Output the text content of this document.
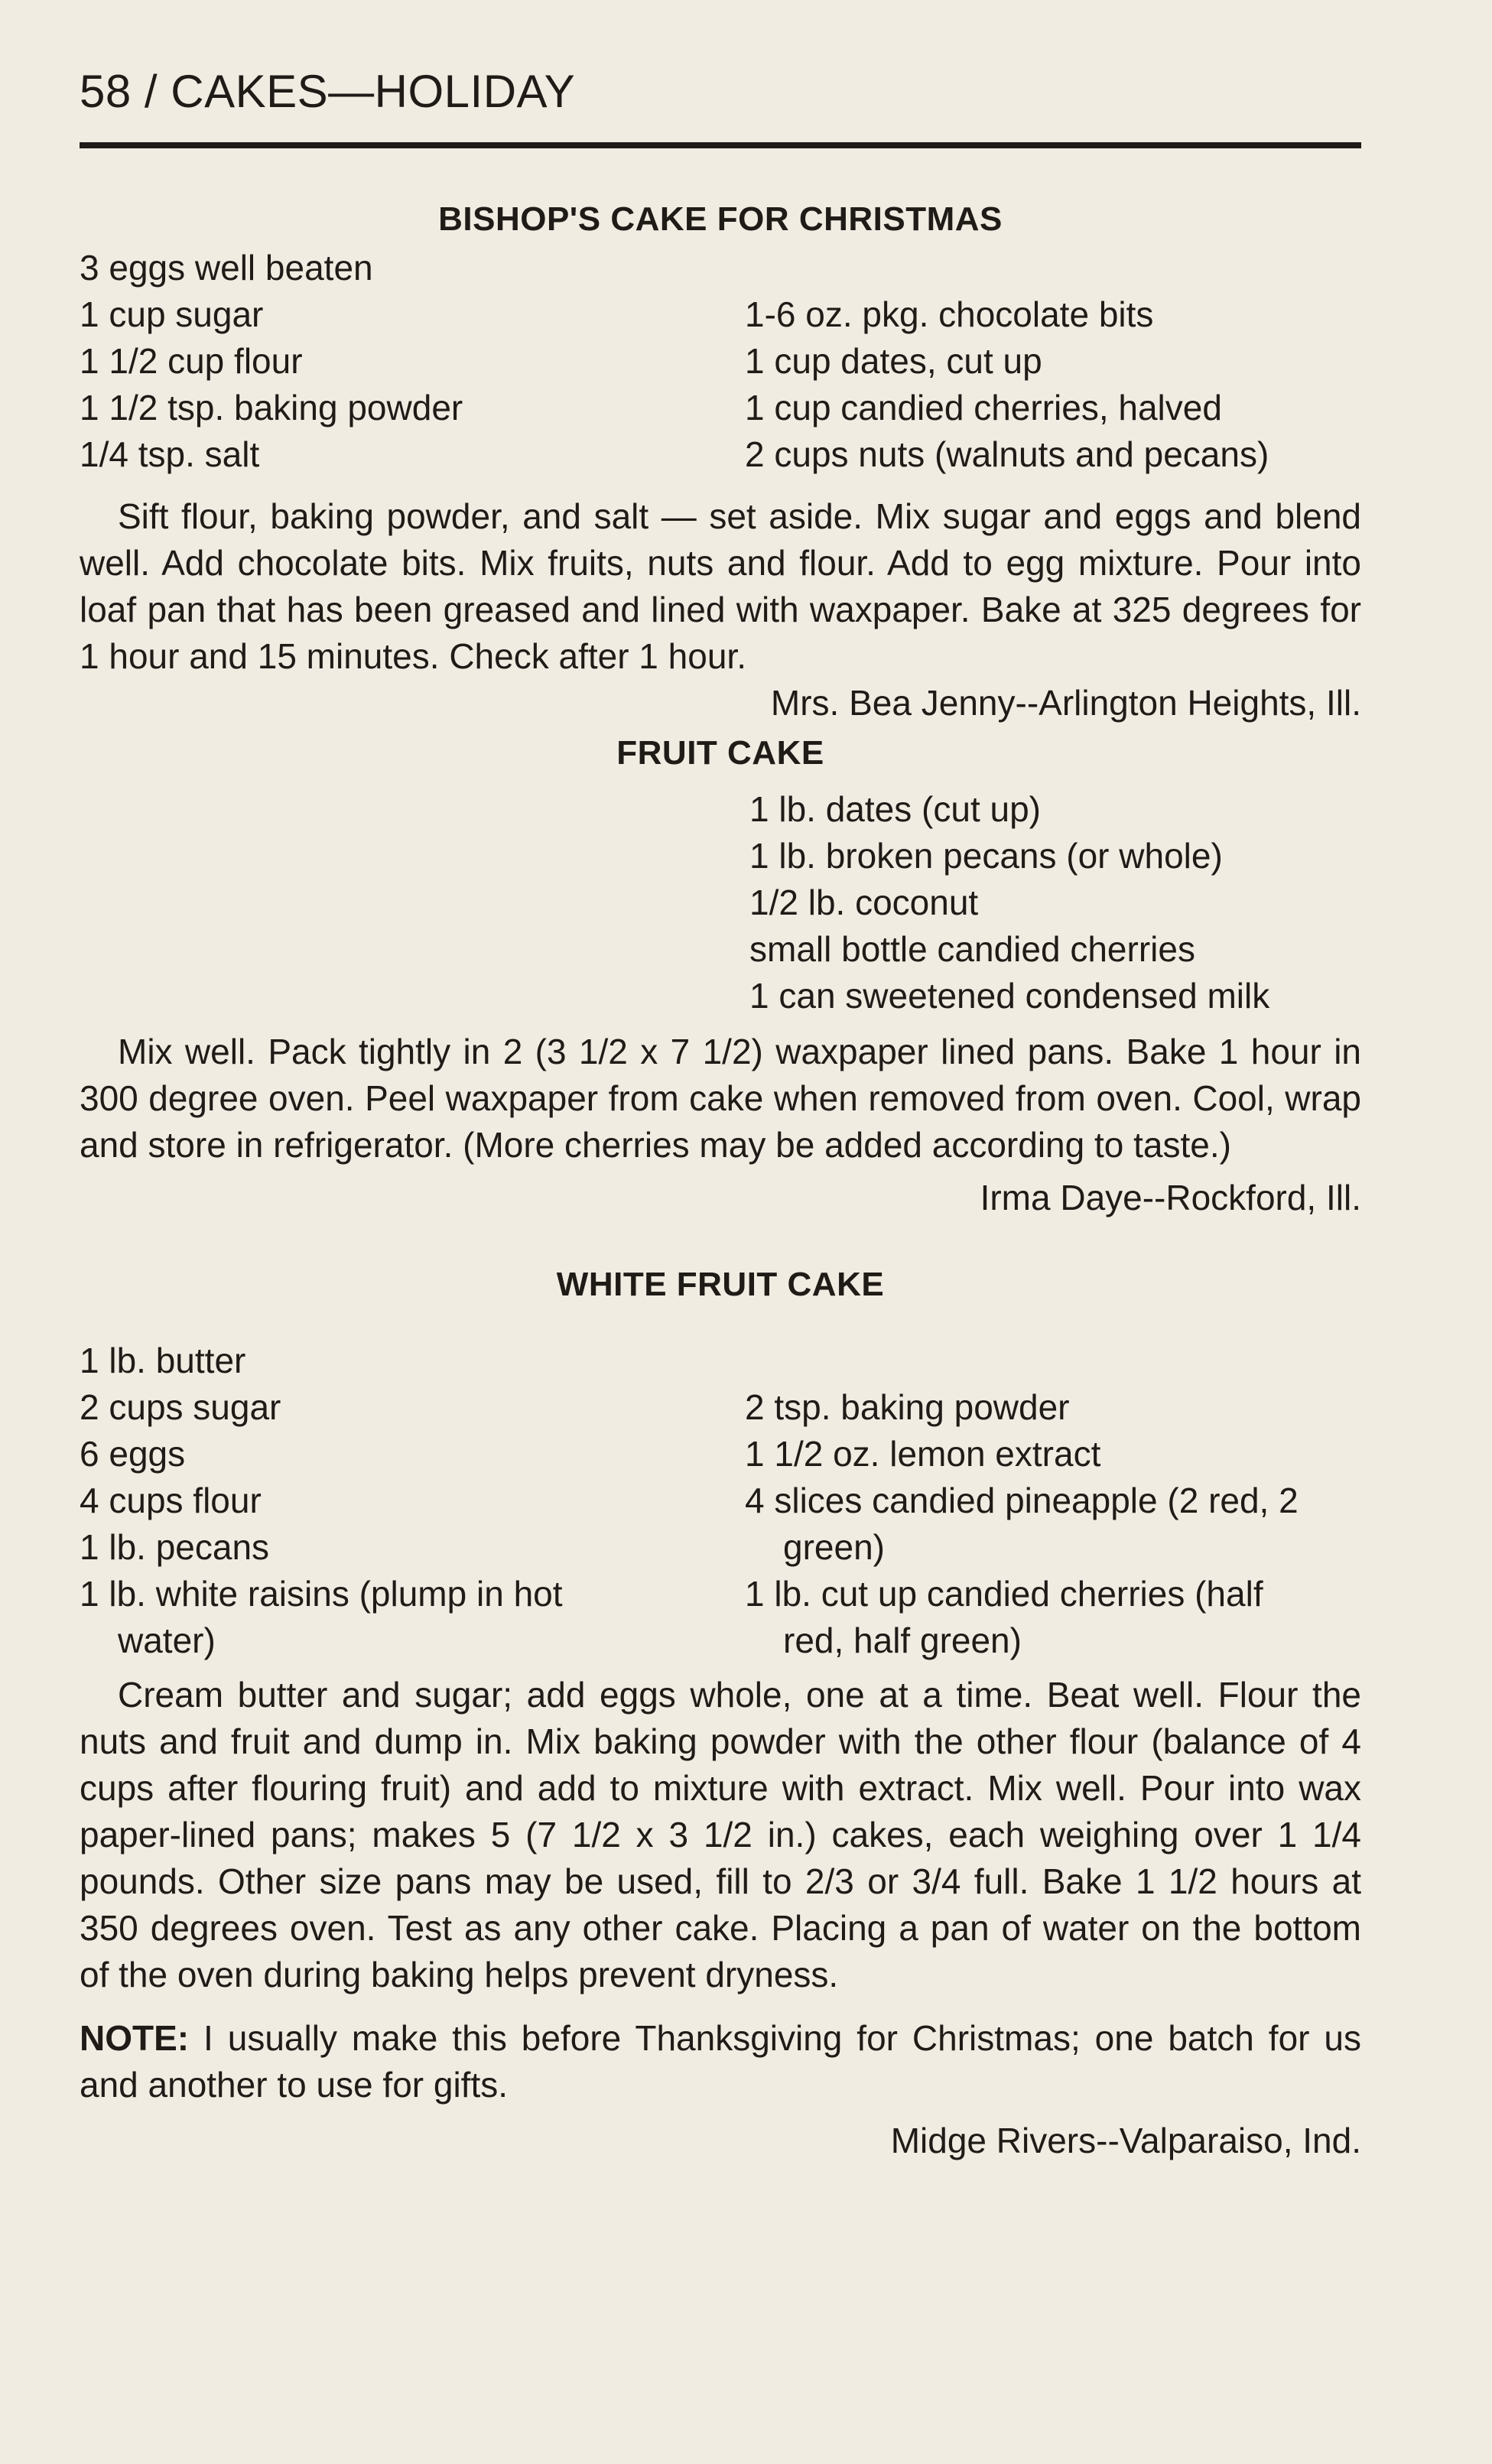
58 / CAKES—HOLIDAY
BISHOP'S CAKE FOR CHRISTMAS
3 eggs well beaten
1 cup sugar
1 1/2 cup flour
1 1/2 tsp. baking powder
1/4 tsp. salt
1-6 oz. pkg. chocolate bits
1 cup dates, cut up
1 cup candied cherries, halved
2 cups nuts (walnuts and pecans)

Sift flour, baking powder, and salt — set aside. Mix sugar and eggs and blend well. Add chocolate bits. Mix fruits, nuts and flour. Add to egg mixture. Pour into loaf pan that has been greased and lined with waxpaper. Bake at 325 degrees for 1 hour and 15 minutes. Check after 1 hour.

Mrs. Bea Jenny--Arlington Heights, Ill.
FRUIT CAKE
1 lb. dates (cut up)
1 lb. broken pecans (or whole)
1/2 lb. coconut
small bottle candied cherries
1 can sweetened condensed milk

Mix well. Pack tightly in 2 (3 1/2 x 7 1/2) waxpaper lined pans. Bake 1 hour in 300 degree oven. Peel waxpaper from cake when removed from oven. Cool, wrap and store in refrigerator. (More cherries may be added according to taste.)

Irma Daye--Rockford, Ill.
WHITE FRUIT CAKE
1 lb. butter
2 cups sugar
6 eggs
4 cups flour
1 lb. pecans
1 lb. white raisins (plump in hot
water)
2 tsp. baking powder
1 1/2 oz. lemon extract
4 slices candied pineapple (2 red, 2
green)
1 lb. cut up candied cherries (half
red, half green)

Cream butter and sugar; add eggs whole, one at a time. Beat well. Flour the nuts and fruit and dump in. Mix baking powder with the other flour (balance of 4 cups after flouring fruit) and add to mixture with extract. Mix well. Pour into wax paper-lined pans; makes 5 (7 1/2 x 3 1/2 in.) cakes, each weighing over 1 1/4 pounds. Other size pans may be used, fill to 2/3 or 3/4 full. Bake 1 1/2 hours at 350 degrees oven. Test as any other cake. Placing a pan of water on the bottom of the oven during baking helps prevent dryness.

NOTE: I usually make this before Thanksgiving for Christmas; one batch for us and another to use for gifts.

Midge Rivers--Valparaiso, Ind.
